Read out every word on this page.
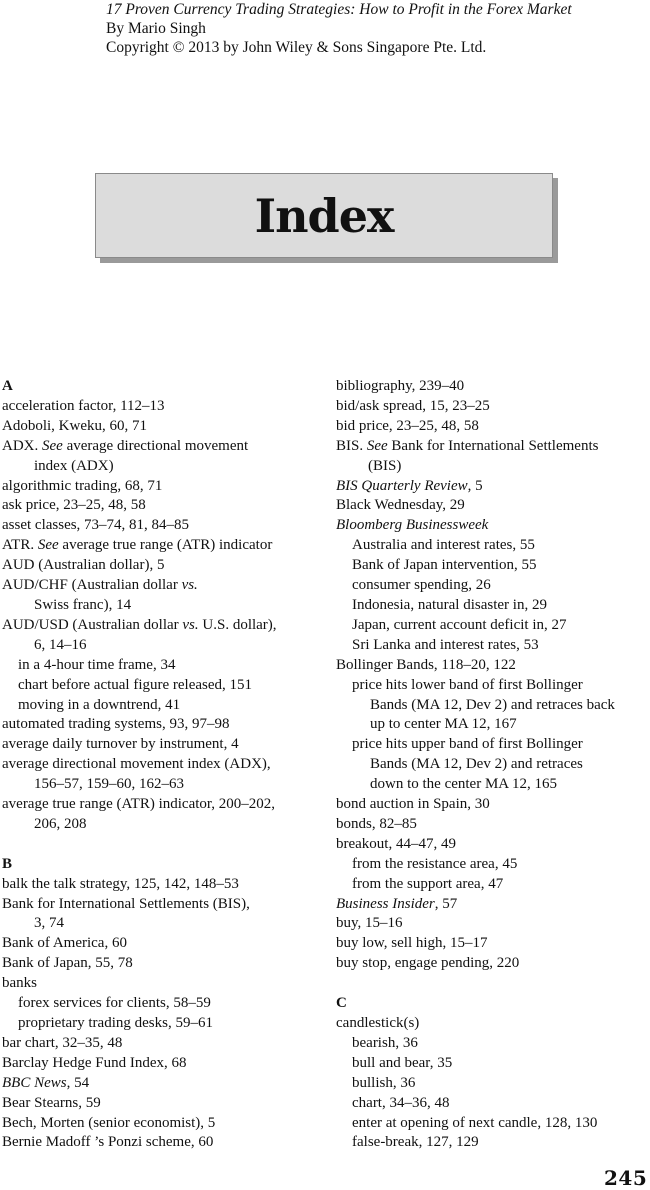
17 Proven Currency Trading Strategies: How to Profit in the Forex Market
By Mario Singh
Copyright © 2013 by John Wiley & Sons Singapore Pte. Ltd.
Index
A
acceleration factor, 112–13
Adoboli, Kweku, 60, 71
ADX. See average directional movement
index (ADX)
algorithmic trading, 68, 71
ask price, 23–25, 48, 58
asset classes, 73–74, 81, 84–85
ATR. See average true range (ATR) indicator
AUD (Australian dollar), 5
AUD/CHF (Australian dollar vs.
Swiss franc), 14
AUD/USD (Australian dollar vs. U.S. dollar),
6, 14–16
in a 4-hour time frame, 34
chart before actual figure released, 151
moving in a downtrend, 41
automated trading systems, 93, 97–98
average daily turnover by instrument, 4
average directional movement index (ADX),
156–57, 159–60, 162–63
average true range (ATR) indicator, 200–202,
206, 208
B
balk the talk strategy, 125, 142, 148–53
Bank for International Settlements (BIS),
3, 74
Bank of America, 60
Bank of Japan, 55, 78
banks
forex services for clients, 58–59
proprietary trading desks, 59–61
bar chart, 32–35, 48
Barclay Hedge Fund Index, 68
BBC News, 54
Bear Stearns, 59
Bech, Morten (senior economist), 5
Bernie Madoff ’s Ponzi scheme, 60
bibliography, 239–40
bid/ask spread, 15, 23–25
bid price, 23–25, 48, 58
BIS. See Bank for International Settlements
(BIS)
BIS Quarterly Review, 5
Black Wednesday, 29
Bloomberg Businessweek
Australia and interest rates, 55
Bank of Japan intervention, 55
consumer spending, 26
Indonesia, natural disaster in, 29
Japan, current account deficit in, 27
Sri Lanka and interest rates, 53
Bollinger Bands, 118–20, 122
price hits lower band of first Bollinger
Bands (MA 12, Dev 2) and retraces back
up to center MA 12, 167
price hits upper band of first Bollinger
Bands (MA 12, Dev 2) and retraces
down to the center MA 12, 165
bond auction in Spain, 30
bonds, 82–85
breakout, 44–47, 49
from the resistance area, 45
from the support area, 47
Business Insider, 57
buy, 15–16
buy low, sell high, 15–17
buy stop, engage pending, 220
C
candlestick(s)
bearish, 36
bull and bear, 35
bullish, 36
chart, 34–36, 48
enter at opening of next candle, 128, 130
false-break, 127, 129
245
